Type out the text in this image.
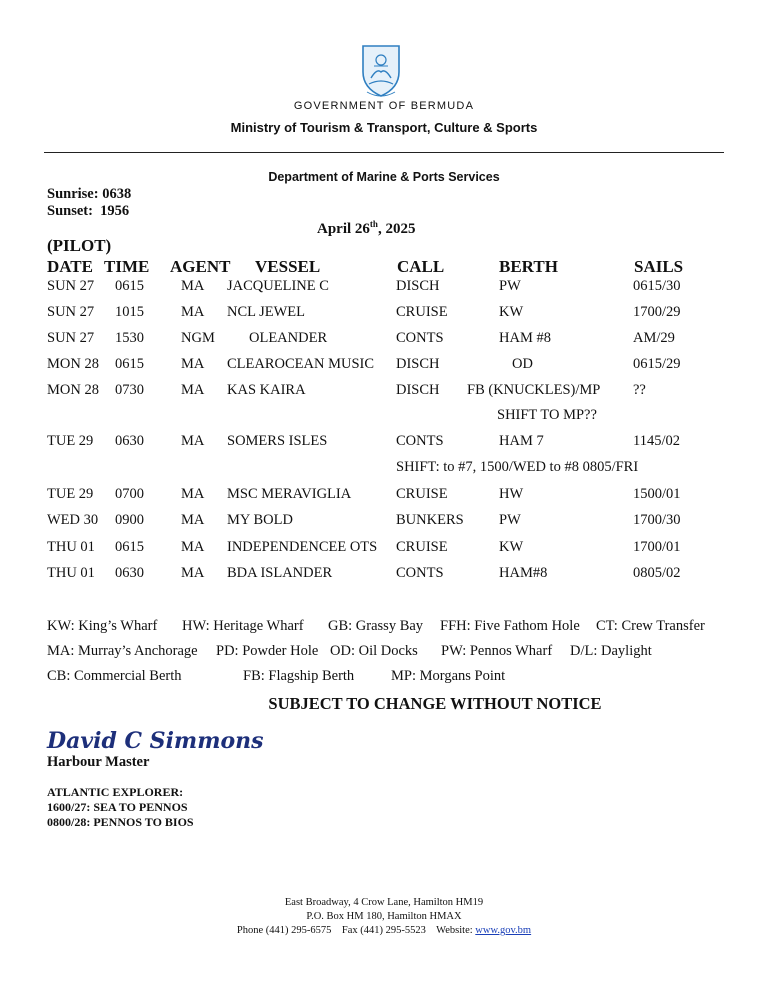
GOVERNMENT OF BERMUDA
Ministry of Tourism & Transport, Culture & Sports
Department of Marine & Ports Services
Sunrise: 0638
Sunset:  1956
April 26th, 2025
(PILOT)
DATE TIME AGENT VESSEL	CALL	BERTH	SAILS
SUN 27 0615	MA JACQUELINE C	DISCH	PW	0615/30
SUN 27 1015	MA NCL JEWEL	CRUISE	KW	1700/29
SUN 27 1530	NGM OLEANDER	CONTS	HAM #8	AM/29
MON 28 0615	MA CLEAROCEAN MUSIC DISCH	OD	0615/29
MON 28 0730	MA KAS KAIRA	DISCH FB (KNUCKLES)/MP ??
SHIFT TO MP??
TUE 29 0630	MA SOMERS ISLES	CONTS	HAM 7	1145/02
SHIFT: to #7, 1500/WED to #8 0805/FRI
TUE 29 0700	MA MSC MERAVIGLIA	CRUISE	HW	1500/01
WED 30 0900	MA MY BOLD	BUNKERS PW	1700/30
THU 01 0615	MA INDEPENDENCEE OTS CRUISE	KW	1700/01
THU 01 0630	MA BDA ISLANDER	CONTS	HAM#8	0805/02
KW: King’s Wharf HW: Heritage Wharf GB: Grassy Bay FFH: Five Fathom Hole CT: Crew Transfer
MA: Murray’s Anchorage PD: Powder Hole OD: Oil Docks PW: Pennos Wharf D/L: Daylight
CB: Commercial Berth	FB: Flagship Berth	MP: Morgans Point
SUBJECT TO CHANGE WITHOUT NOTICE
David C Simmons
Harbour Master
ATLANTIC EXPLORER:
1600/27: SEA TO PENNOS
0800/28: PENNOS TO BIOS
East Broadway, 4 Crow Lane, Hamilton HM19
P.O. Box HM 180, Hamilton HMAX
Phone (441) 295-6575    Fax (441) 295-5523    Website: www.gov.bm
